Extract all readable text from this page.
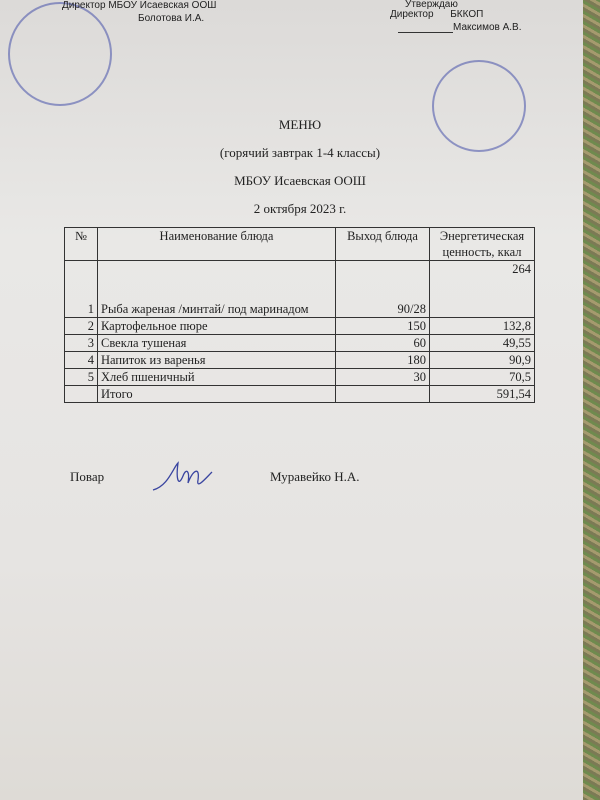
Директор МБОУ Исаевская ООШ
Болотова И.А.
Утверждаю
Директор      БККОП
Максимов А.В.
МЕНЮ
(горячий завтрак 1-4 классы)
МБОУ Исаевская ООШ
2 октября 2023 г.
№	Наименование блюда	Выход блюда	Энергетическая ценность, ккал
1	Рыба жареная /минтай/ под маринадом	90/28	264
2	Картофельное пюре	150	132,8
3	Свекла тушеная	60	49,55
4	Напиток из варенья	180	90,9
5	Хлеб пшеничный	30	70,5
	Итого		591,54
Повар	Муравейко Н.А.
